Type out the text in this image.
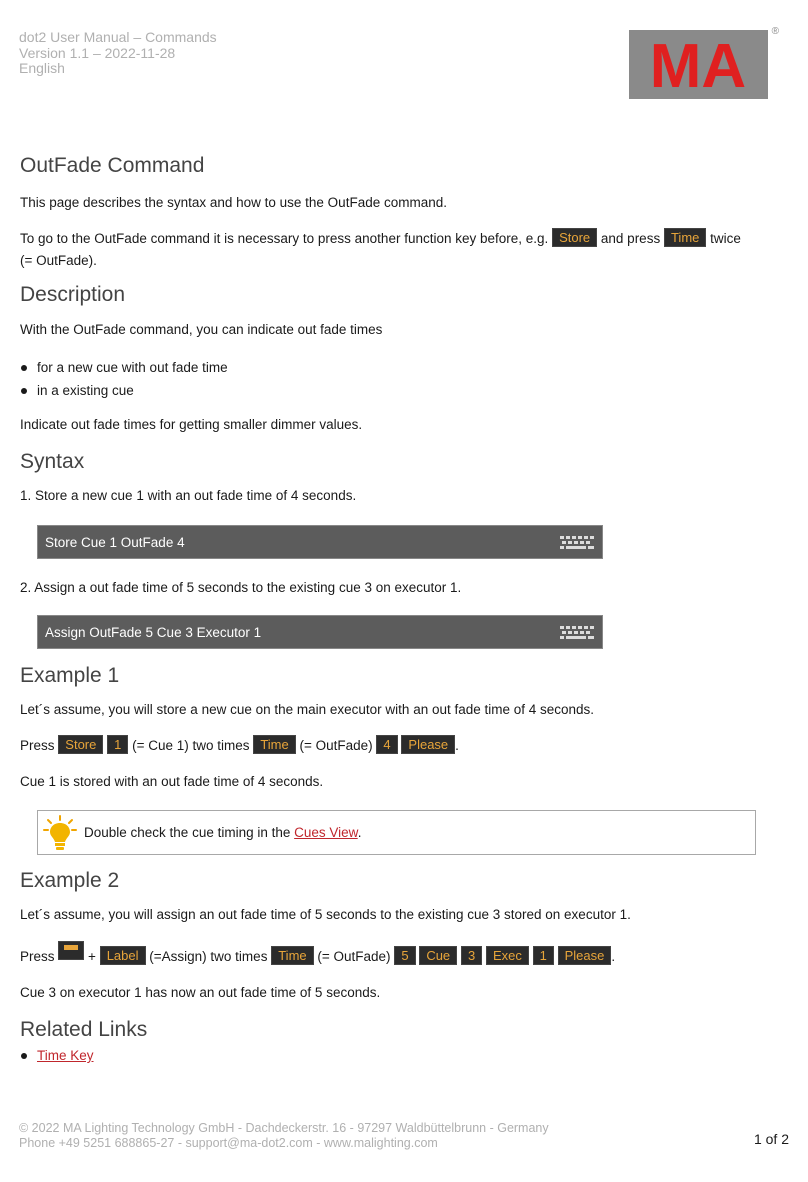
dot2 User Manual – Commands
Version 1.1 – 2022-11-28
English	MA
®
OutFade Command

This page describes the syntax and how to use the OutFade command.

To go to the OutFade command it is necessary to press another function key before, e.g. Store and press Time twice
(= OutFade).

Description

With the OutFade command, you can indicate out fade times

for a new cue with out fade time
in a existing cue

Indicate out fade times for getting smaller dimmer values.

Syntax

1. Store a new cue 1 with an out fade time of 4 seconds.

Store Cue 1 OutFade 4

2. Assign a out fade time of 5 seconds to the existing cue 3 on executor 1.

Assign OutFade 5 Cue 3 Executor 1
Example 1

Let´s assume, you will store a new cue on the main executor with an out fade time of 4 seconds.

Press Store 1 (= Cue 1) two times Time (= OutFade) 4 Please .

Cue 1 is stored with an out fade time of 4 seconds.

Double check the cue timing in the Cues View.
Example 2

Let´s assume, you will assign an out fade time of 5 seconds to the existing cue 3 stored on executor 1.

Press + Label (=Assign) two times Time (= OutFade) 5 Cue 3 Exec 1 Please .

Cue 3 on executor 1 has now an out fade time of 5 seconds.

Related Links
Time Key
© 2022 MA Lighting Technology GmbH - Dachdeckerstr. 16 - 97297 Waldbüttelbrunn - Germany
Phone +49 5251 688865-27 - support@ma-dot2.com - www.malighting.com	1 of 2
